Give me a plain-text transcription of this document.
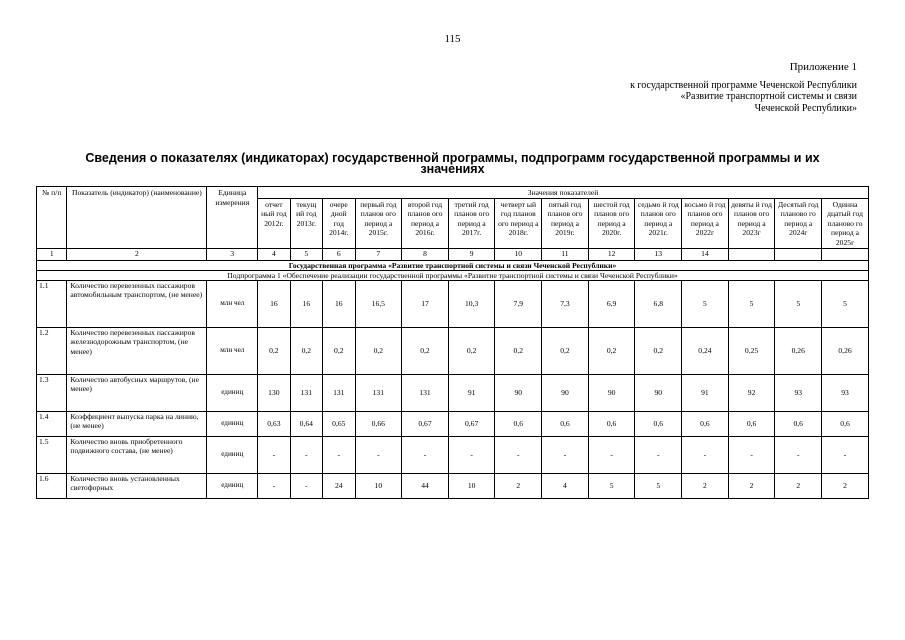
115
Приложение 1
к государственной программе Чеченской Республики
«Развитие транспортной системы и связи
Чеченской Республики»
Сведения о показателях (индикаторах) государственной программы, подпрограмм государственной программы и их
значениях
№ п/п	Показатель (индикатор) (наименование)	Единица измерения	Значения показателей													
			отчет ный год 2012г.	текущ ий год 2013г.	очере дной год 2014г.	первый год планов ого период а 2015г.	второй год планов ого период а 2016г.	третий год планов ого период а 2017г.	четверт ый год планов ого период а 2018г.	пятый год планов ого период а 2019г.	шестой год планов ого период а 2020г.	седьмо й год планов ого период а 2021г.	восьмо й год планов ого период а 2022г	девяты й год планов ого период а 2023г	Десятый год планово го период а 2024г	Одинна дцатый год планово го период а 2025г
1	2	3	4	5	6	7	8	9	10	11	12	13	14			
Государственная программа «Развитие транспортной системы и связи Чеченской Республики»																
Подпрограмма 1 «Обеспечение реализации государственной программы «Развитие транспортной системы и связи Чеченской Республики»																
1.1	Количество перевезенных пассажиров автомобильным транспортом, (не менее)	млн чел	16	16	16	16,5	17	10,3	7,9	7,3	6,9	6,8	5	5	5	5
1.2	Количество перевезенных пассажиров железнодорожным транспортом, (не менее)	млн чел	0,2	0,2	0,2	0,2	0,2	0,2	0,2	0,2	0,2	0,2	0,24	0,25	0,26	0,26
1.3	Количество автобусных маршрутов, (не менее)	единиц	130	131	131	131	131	91	90	90	90	90	91	92	93	93
1.4	Коэффициент выпуска парка на линию, (не менее)	единиц	0,63	0,64	0,65	0,66	0,67	0,67	0,6	0,6	0,6	0,6	0,6	0,6	0,6	0,6
1.5	Количество вновь приобретенного подвижного состава, (не менее)	единиц	-	-	-	-	-	-	-	-	-	-	-	-	-	-
1.6	Количество вновь установленных светофорных	единиц	-	-	24	10	44	10	2	4	5	5	2	2	2	2
